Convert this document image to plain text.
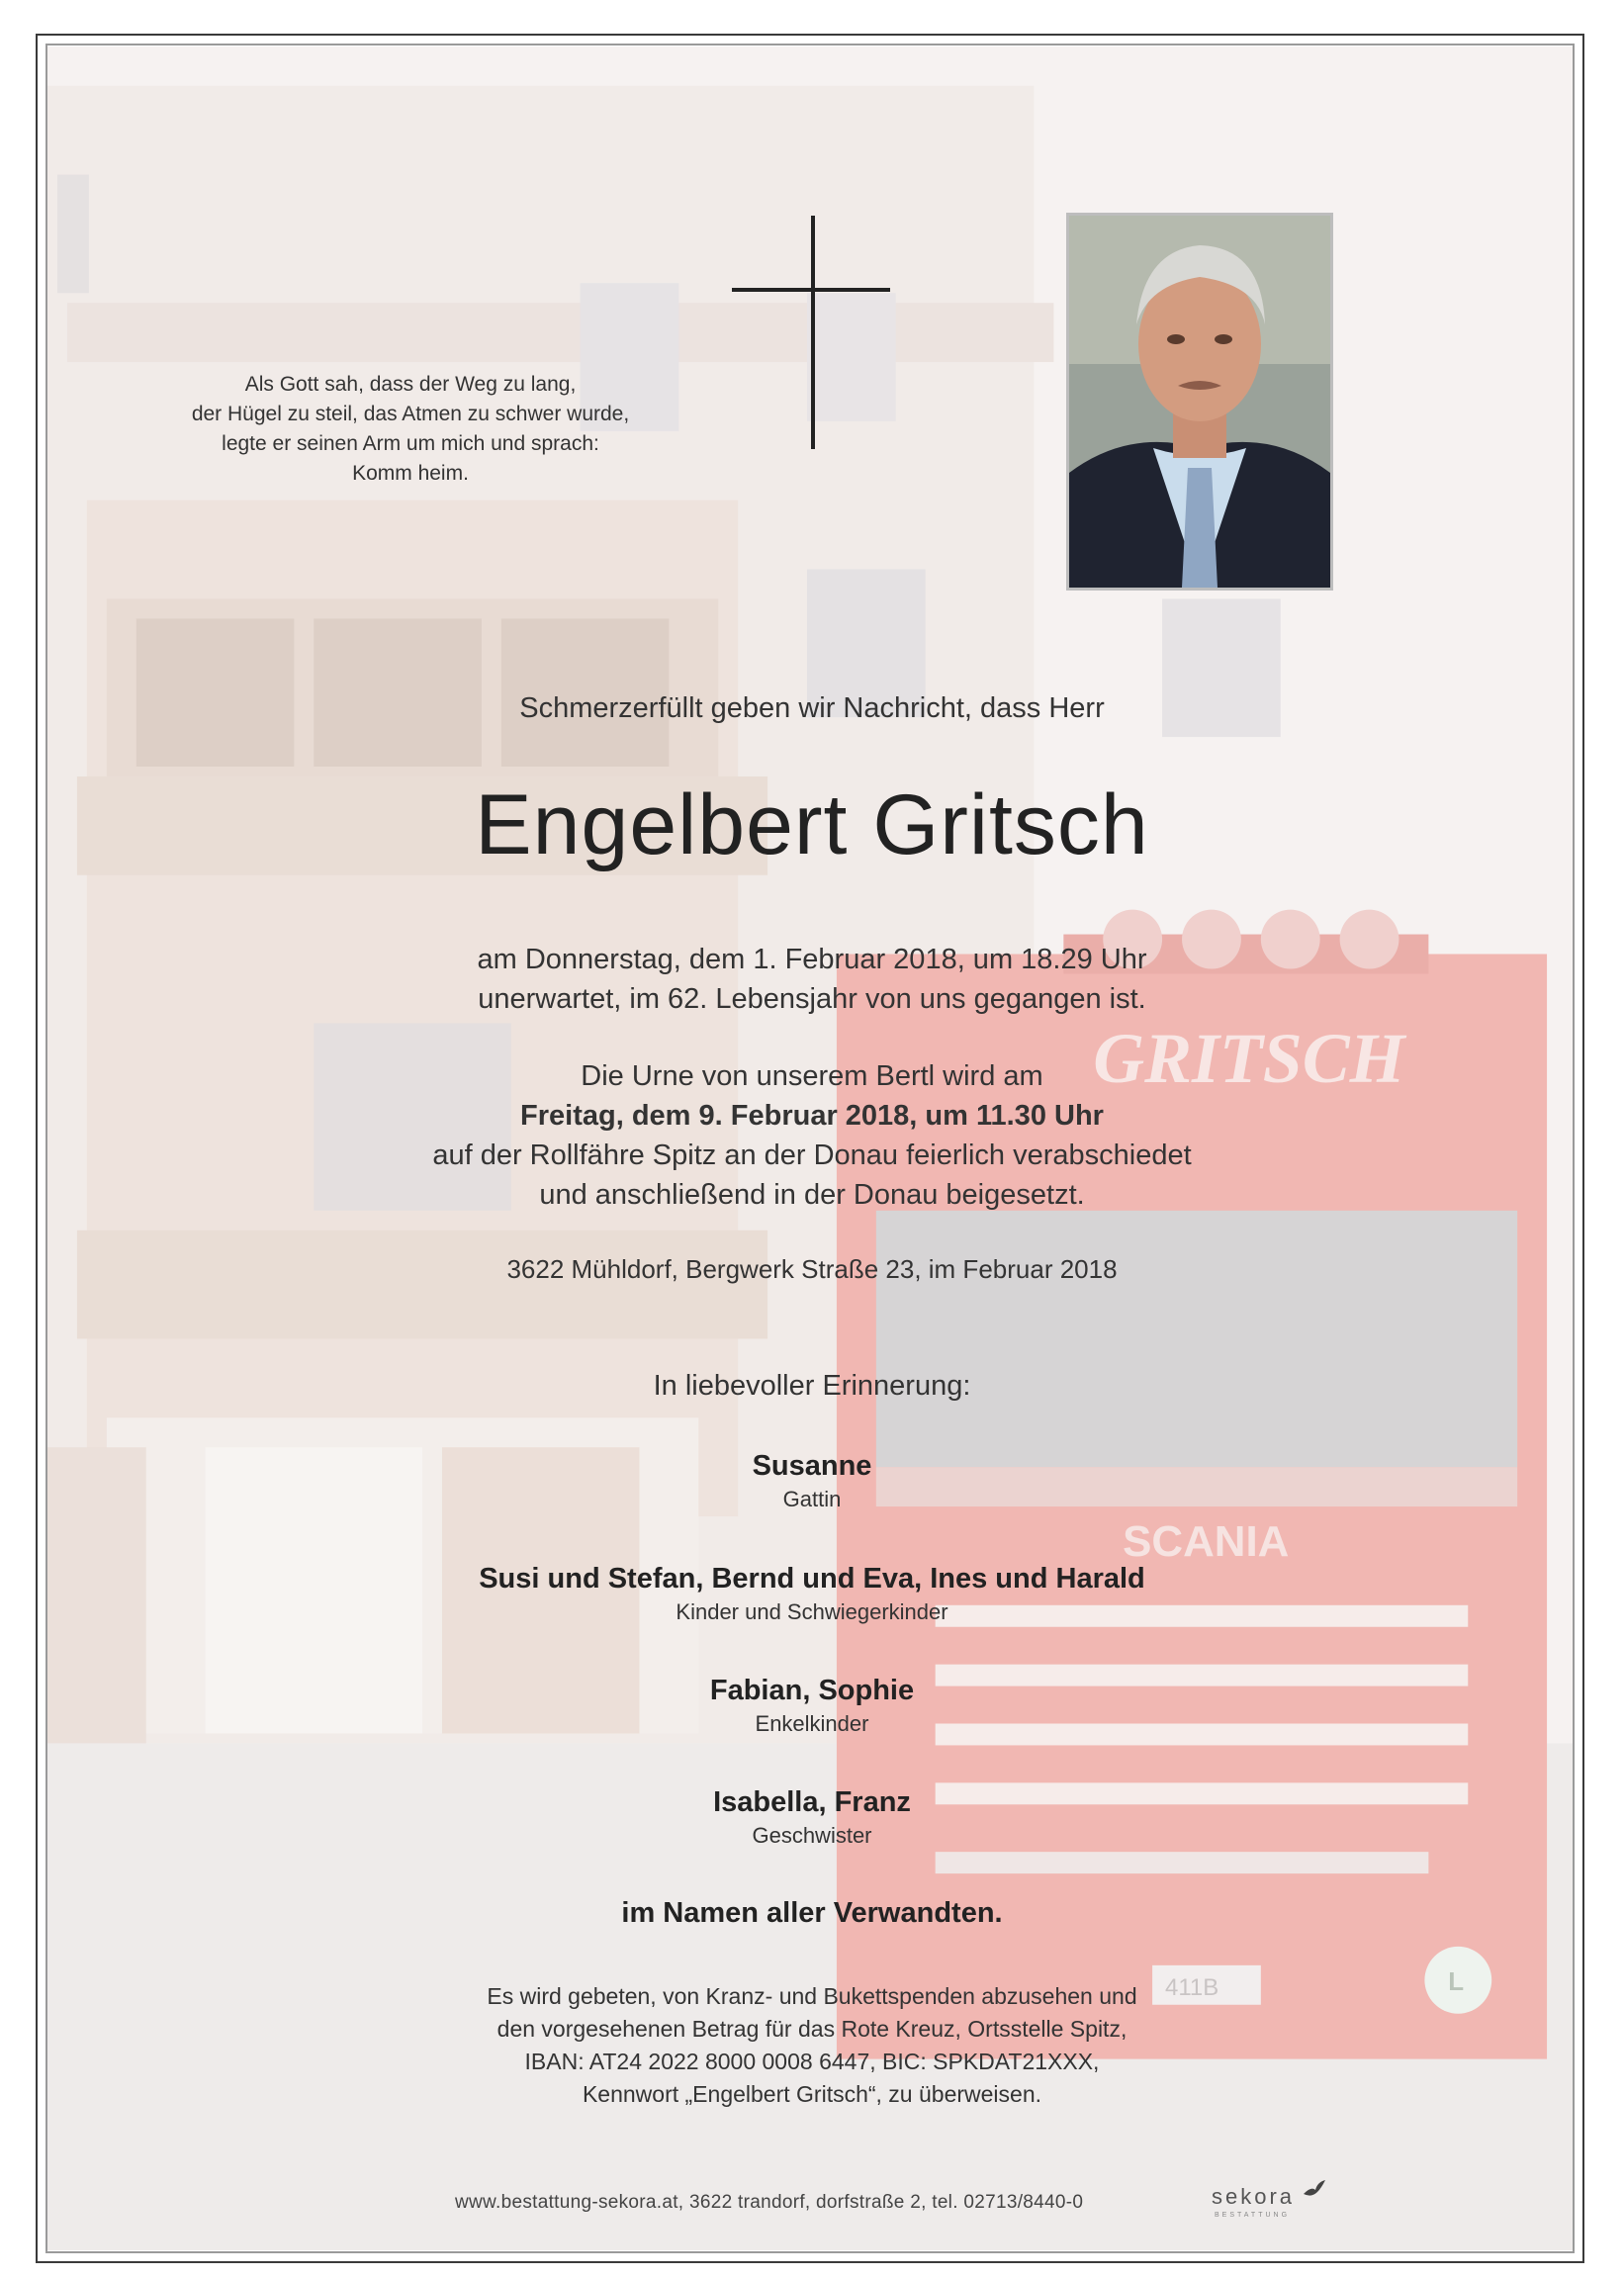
GRITSCH
SCANIA
411B	L
Als Gott sah, dass der Weg zu lang,
der Hügel zu steil, das Atmen zu schwer wurde,
legte er seinen Arm um mich und sprach:
Komm heim.
Schmerzerfüllt geben wir Nachricht, dass Herr
Engelbert Gritsch
am Donnerstag, dem 1. Februar 2018, um 18.29 Uhr
unerwartet, im 62. Lebensjahr von uns gegangen ist.
Die Urne von unserem Bertl wird am
Freitag, dem 9. Februar 2018, um 11.30 Uhr
auf der Rollfähre Spitz an der Donau feierlich verabschiedet
und anschließend in der Donau beigesetzt.
3622 Mühldorf, Bergwerk Straße 23, im Februar 2018
In liebevoller Erinnerung:
Susanne
Gattin
Susi und Stefan, Bernd und Eva, Ines und Harald
Kinder und Schwiegerkinder
Fabian, Sophie
Enkelkinder
Isabella, Franz
Geschwister
im Namen aller Verwandten.
Es wird gebeten, von Kranz- und Bukettspenden abzusehen und
den vorgesehenen Betrag für das Rote Kreuz, Ortsstelle Spitz,
IBAN: AT24 2022 8000 0008 6447, BIC: SPKDAT21XXX,
Kennwort „Engelbert Gritsch“, zu überweisen.
www.bestattung-sekora.at, 3622 trandorf, dorfstraße 2, tel. 02713/8440-0	sekora
BESTATTUNG
